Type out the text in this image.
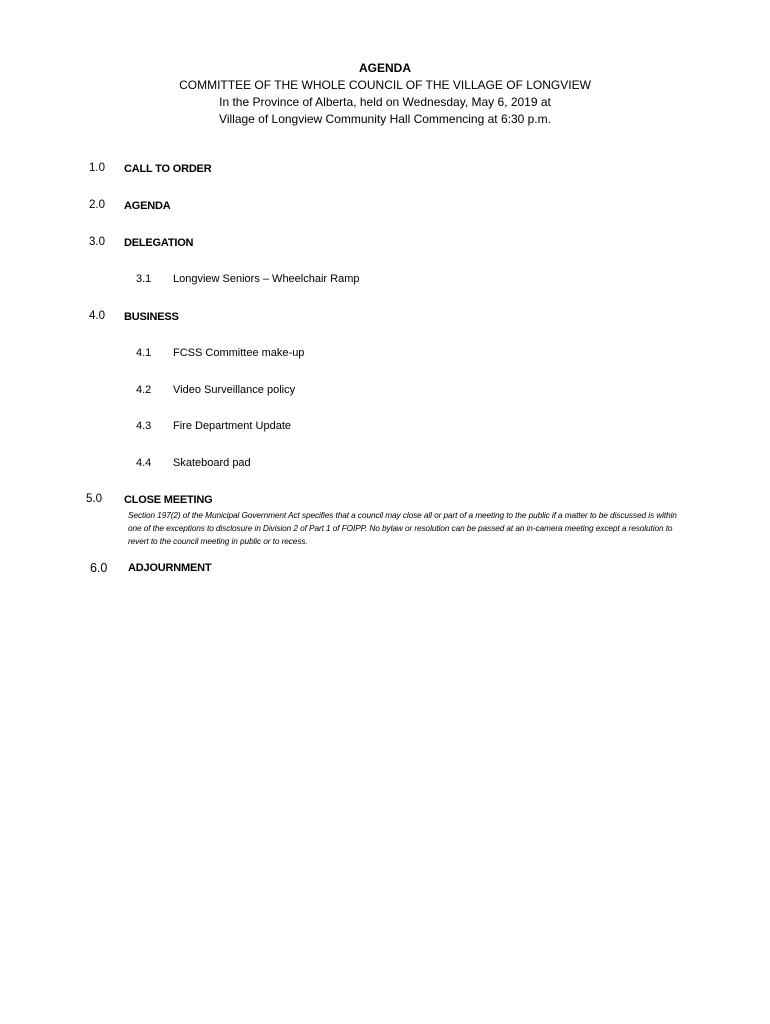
AGENDA
COMMITTEE OF THE WHOLE COUNCIL OF THE VILLAGE OF LONGVIEW
In the Province of Alberta, held on Wednesday, May 6, 2019 at
Village of Longview Community Hall Commencing at 6:30 p.m.
1.0 CALL TO ORDER
2.0 AGENDA
3.0 DELEGATION
3.1 Longview Seniors – Wheelchair Ramp
4.0 BUSINESS
4.1 FCSS Committee make-up
4.2 Video Surveillance policy
4.3 Fire Department Update
4.4 Skateboard pad
5.0 CLOSE MEETING
Section 197(2) of the Municipal Government Act specifies that a council may close all or part of a meeting to the public if a matter to be discussed is within one of the exceptions to disclosure in Division 2 of Part 1 of FOIPP. No bylaw or resolution can be passed at an in-camera meeting except a resolution to revert to the council meeting in public or to recess.
6.0 ADJOURNMENT
